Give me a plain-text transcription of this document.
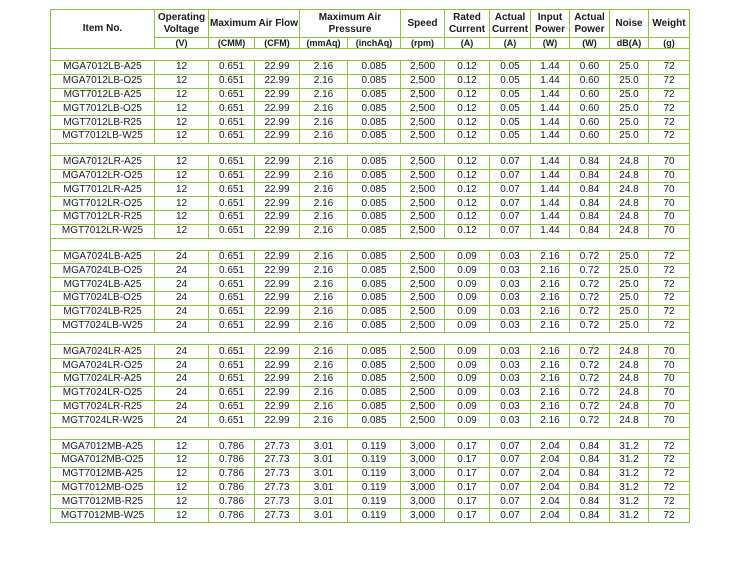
Item No.	Operating Voltage	Maximum Air Flow		Maximum Air Pressure		Speed	Rated Current	Actual Current	Input Power	Actual Power	Noise	Weight
	(V)	(CMM)	(CFM)	(mmAq)	(inchAq)	(rpm)	(A)	(A)	(W)	(W)	dB(A)	(g)

MGA7012LB-A25	12	0.651	22.99	2.16	0.085	2,500	0.12	0.05	1.44	0.60	25.0	72
MGA7012LB-O25	12	0.651	22.99	2.16	0.085	2,500	0.12	0.05	1.44	0.60	25.0	72
MGT7012LB-A25	12	0.651	22.99	2.16	0.085	2,500	0.12	0.05	1.44	0.60	25.0	72
MGT7012LB-O25	12	0.651	22.99	2.16	0.085	2,500	0.12	0.05	1.44	0.60	25.0	72
MGT7012LB-R25	12	0.651	22.99	2.16	0.085	2,500	0.12	0.05	1.44	0.60	25.0	72
MGT7012LB-W25	12	0.651	22.99	2.16	0.085	2,500	0.12	0.05	1.44	0.60	25.0	72

MGA7012LR-A25	12	0.651	22.99	2.16	0.085	2,500	0.12	0.07	1.44	0.84	24.8	70
MGA7012LR-O25	12	0.651	22.99	2.16	0.085	2,500	0.12	0.07	1.44	0.84	24.8	70
MGT7012LR-A25	12	0.651	22.99	2.16	0.085	2,500	0.12	0.07	1.44	0.84	24.8	70
MGT7012LR-O25	12	0.651	22.99	2.16	0.085	2,500	0.12	0.07	1.44	0.84	24.8	70
MGT7012LR-R25	12	0.651	22.99	2.16	0.085	2,500	0.12	0.07	1.44	0.84	24.8	70
MGT7012LR-W25	12	0.651	22.99	2.16	0.085	2,500	0.12	0.07	1.44	0.84	24.8	70

MGA7024LB-A25	24	0.651	22.99	2.16	0.085	2,500	0.09	0.03	2.16	0.72	25.0	72
MGA7024LB-O25	24	0.651	22.99	2.16	0.085	2,500	0.09	0.03	2.16	0.72	25.0	72
MGT7024LB-A25	24	0.651	22.99	2.16	0.085	2,500	0.09	0.03	2.16	0.72	25.0	72
MGT7024LB-O25	24	0.651	22.99	2.16	0.085	2,500	0.09	0.03	2.16	0.72	25.0	72
MGT7024LB-R25	24	0.651	22.99	2.16	0.085	2,500	0.09	0.03	2.16	0.72	25.0	72
MGT7024LB-W25	24	0.651	22.99	2.16	0.085	2,500	0.09	0.03	2.16	0.72	25.0	72

MGA7024LR-A25	24	0.651	22.99	2.16	0.085	2,500	0.09	0.03	2.16	0.72	24.8	70
MGA7024LR-O25	24	0.651	22.99	2.16	0.085	2,500	0.09	0.03	2.16	0.72	24.8	70
MGT7024LR-A25	24	0.651	22.99	2.16	0.085	2,500	0.09	0.03	2.16	0.72	24.8	70
MGT7024LR-O25	24	0.651	22.99	2.16	0.085	2,500	0.09	0.03	2.16	0.72	24.8	70
MGT7024LR-R25	24	0.651	22.99	2.16	0.085	2,500	0.09	0.03	2.16	0.72	24.8	70
MGT7024LR-W25	24	0.651	22.99	2.16	0.085	2,500	0.09	0.03	2.16	0.72	24.8	70

MGA7012MB-A25	12	0.786	27.73	3.01	0.119	3,000	0.17	0.07	2.04	0.84	31.2	72
MGA7012MB-O25	12	0.786	27.73	3.01	0.119	3,000	0.17	0.07	2.04	0.84	31.2	72
MGT7012MB-A25	12	0.786	27.73	3.01	0.119	3,000	0.17	0.07	2.04	0.84	31.2	72
MGT7012MB-O25	12	0.786	27.73	3.01	0.119	3,000	0.17	0.07	2.04	0.84	31.2	72
MGT7012MB-R25	12	0.786	27.73	3.01	0.119	3,000	0.17	0.07	2.04	0.84	31.2	72
MGT7012MB-W25	12	0.786	27.73	3.01	0.119	3,000	0.17	0.07	2.04	0.84	31.2	72
